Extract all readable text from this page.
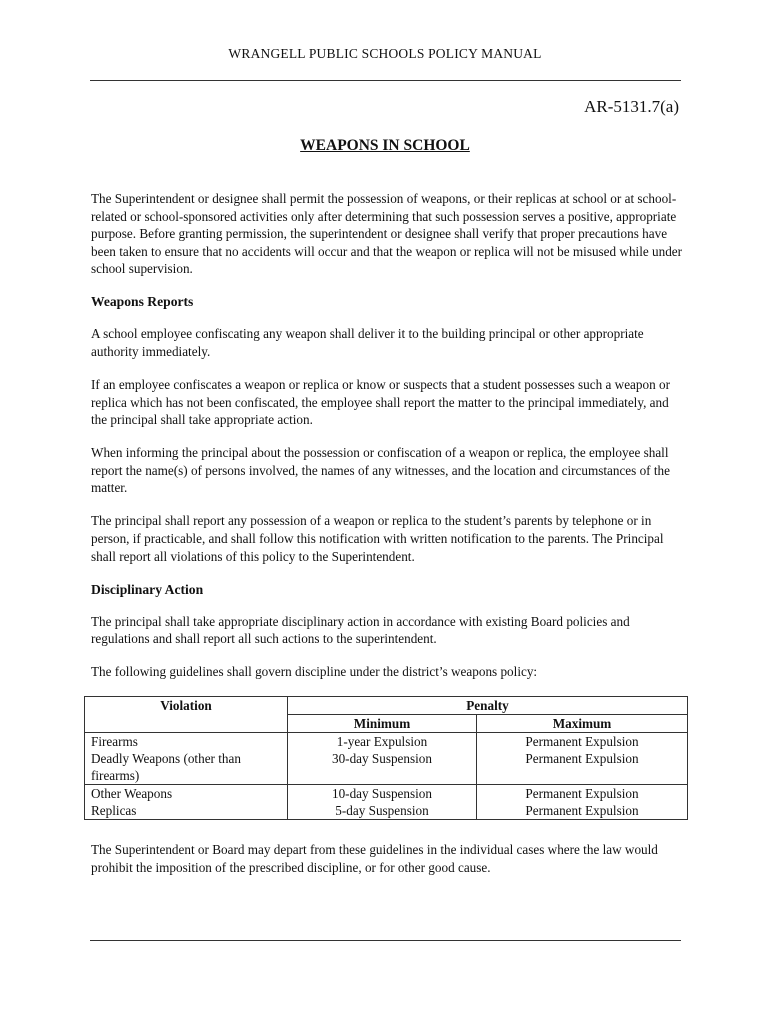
WRANGELL PUBLIC SCHOOLS POLICY MANUAL
AR-5131.7(a)
WEAPONS IN SCHOOL

The Superintendent or designee shall permit the possession of weapons, or their replicas at school or at school-related or school-sponsored activities only after determining that such possession serves a positive, appropriate purpose. Before granting permission, the superintendent or designee shall verify that proper precautions have been taken to ensure that no accidents will occur and that the weapon or replica will not be misused while under school supervision.

Weapons Reports

A school employee confiscating any weapon shall deliver it to the building principal or other appropriate authority immediately.

If an employee confiscates a weapon or replica or know or suspects that a student possesses such a weapon or replica which has not been confiscated, the employee shall report the matter to the principal immediately, and the principal shall take appropriate action.

When informing the principal about the possession or confiscation of a weapon or replica, the employee shall report the name(s) of persons involved, the names of any witnesses, and the location and circumstances of the matter.

The principal shall report any possession of a weapon or replica to the student’s parents by telephone or in person, if practicable, and shall follow this notification with written notification to the parents. The Principal shall report all violations of this policy to the Superintendent.

Disciplinary Action

The principal shall take appropriate disciplinary action in accordance with existing Board policies and regulations and shall report all such actions to the superintendent.

The following guidelines shall govern discipline under the district’s weapons policy:

Violation	Penalty	
	Minimum	Maximum
Firearms	1-year Expulsion	Permanent Expulsion
Deadly Weapons (other than firearms)	30-day Suspension	Permanent Expulsion
Other Weapons	10-day Suspension	Permanent Expulsion
Replicas	5-day Suspension	Permanent Expulsion

The Superintendent or Board may depart from these guidelines in the individual cases where the law would prohibit the imposition of the prescribed discipline, or for other good cause.
